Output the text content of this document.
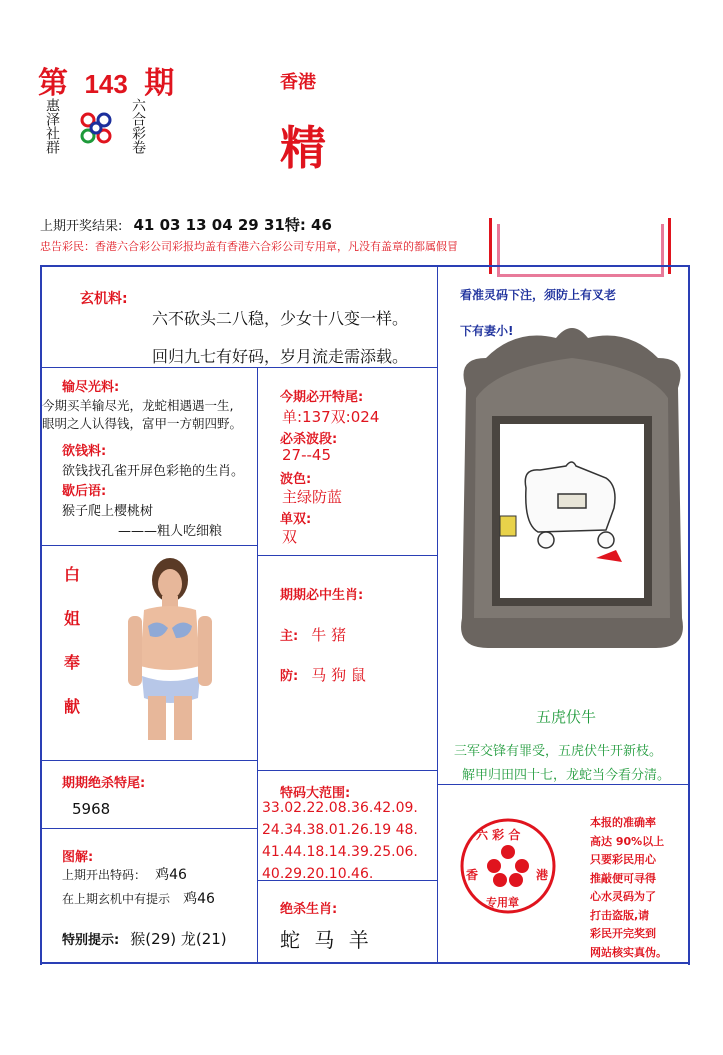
第 143 期
惠泽社群	六合彩卷
香港
精
上期开奖结果: 41 03 13 04 29 31特: 46
忠告彩民：香港六合彩公司彩报均盖有香港六合彩公司专用章，凡没有盖章的都属假冒
玄机料:
六不砍头二八稳，少女十八变一样。
回归九七有好码，岁月流走需添载。
输尽光料:
今期买羊输尽光，龙蛇相遇遇一生,
眼明之人认得钱，富甲一方朝四野。
欲钱料:
欲钱找孔雀开屏色彩艳的生肖。
歇后语:
猴子爬上樱桃树
———粗人吃细粮
今期必开特尾:
单:137双:024
必杀波段:
27--45
波色:
主绿防蓝
单双:
双
白
姐
奉
献
期期必中生肖:
主: 牛 猪
防: 马 狗 鼠
看准灵码下注，须防上有叉老
下有妻小!
五虎伏牛
三军交锋有罪受，五虎伏牛开新枝。
解甲归田四十七，龙蛇当今看分清。
期期绝杀特尾:
5968
特码大范围:
33.02.22.08.36.42.09.
24.34.38.01.26.19 48.
41.44.18.14.39.25.06.
40.29.20.10.46.
图解:
上期开出特码： 鸡46
在上期玄机中有提示 鸡46
特别提示: 猴(29) 龙(21)
绝杀生肖:
蛇 马 羊
六 彩 合
香	港
专用章
本报的准确率
高达 90%以上
只要彩民用心
推敲便可寻得
心水灵码为了
打击盗版,请
彩民开完奖到
网站核实真伪。
